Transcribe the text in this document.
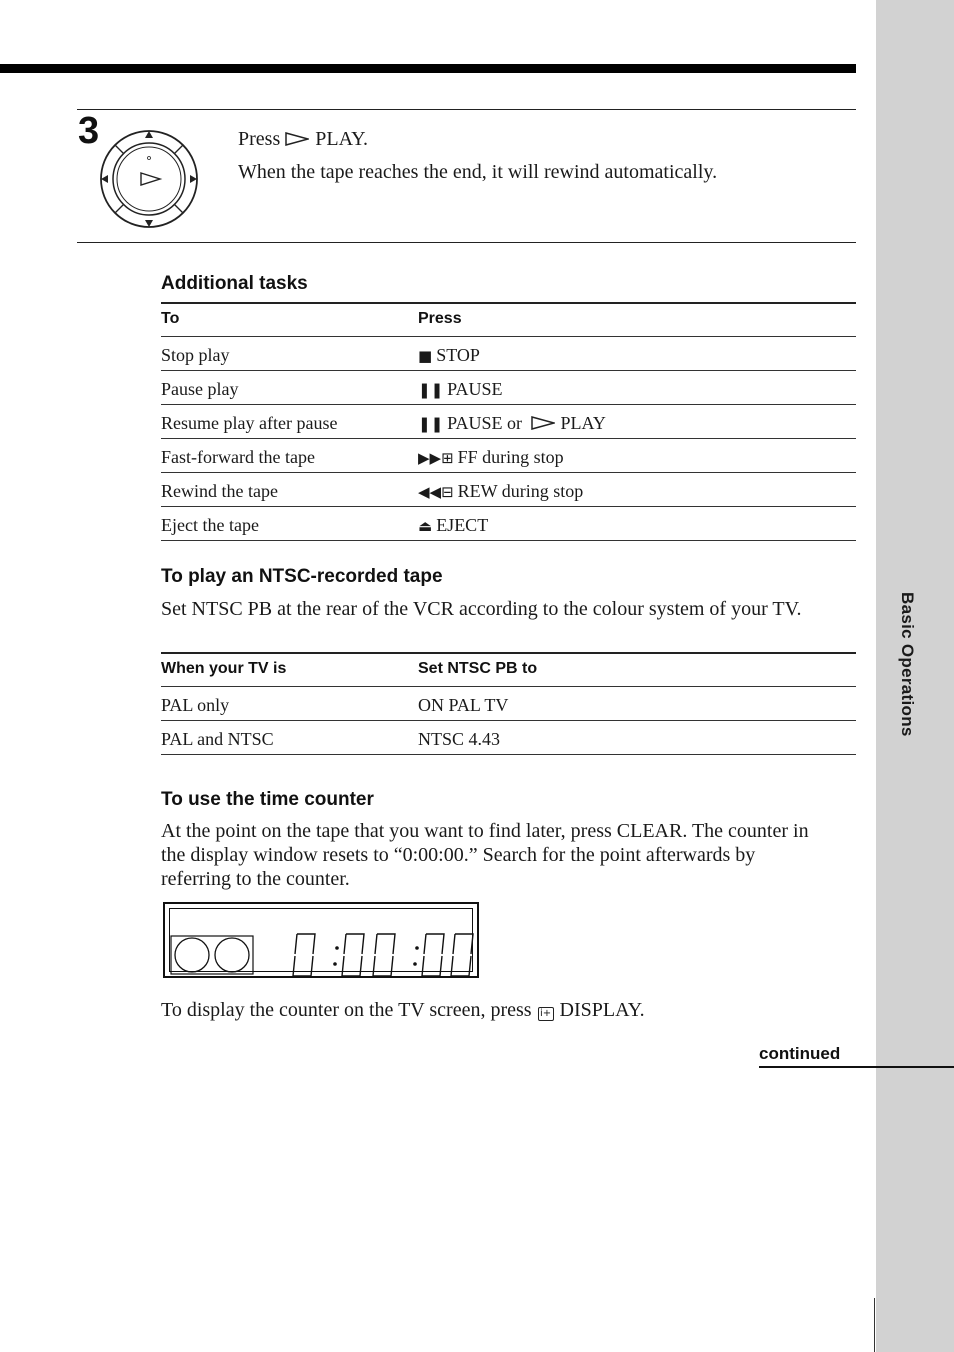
Basic Operations
3	Press PLAY.
When the tape reaches the end, it will rewind automatically.
Additional tasks
To	Press
Stop play	■ STOP
Pause play	❚❚ PAUSE
Resume play after pause	❚❚ PAUSE or PLAY
Fast-forward the tape	▶▶⊞ FF during stop
Rewind the tape	◀◀⊟ REW during stop
Eject the tape	⏏ EJECT
To play an NTSC-recorded tape
Set NTSC PB at the rear of the VCR according to the colour system of your TV.
When your TV is	Set NTSC PB to
PAL only	ON PAL TV
PAL and NTSC	NTSC 4.43
To use the time counter
At the point on the tape that you want to find later, press CLEAR. The counter in the display window resets to “0:00:00.” Search for the point afterwards by referring to the counter.
0:00:00
To display the counter on the TV screen, press i+ DISPLAY.
continued
